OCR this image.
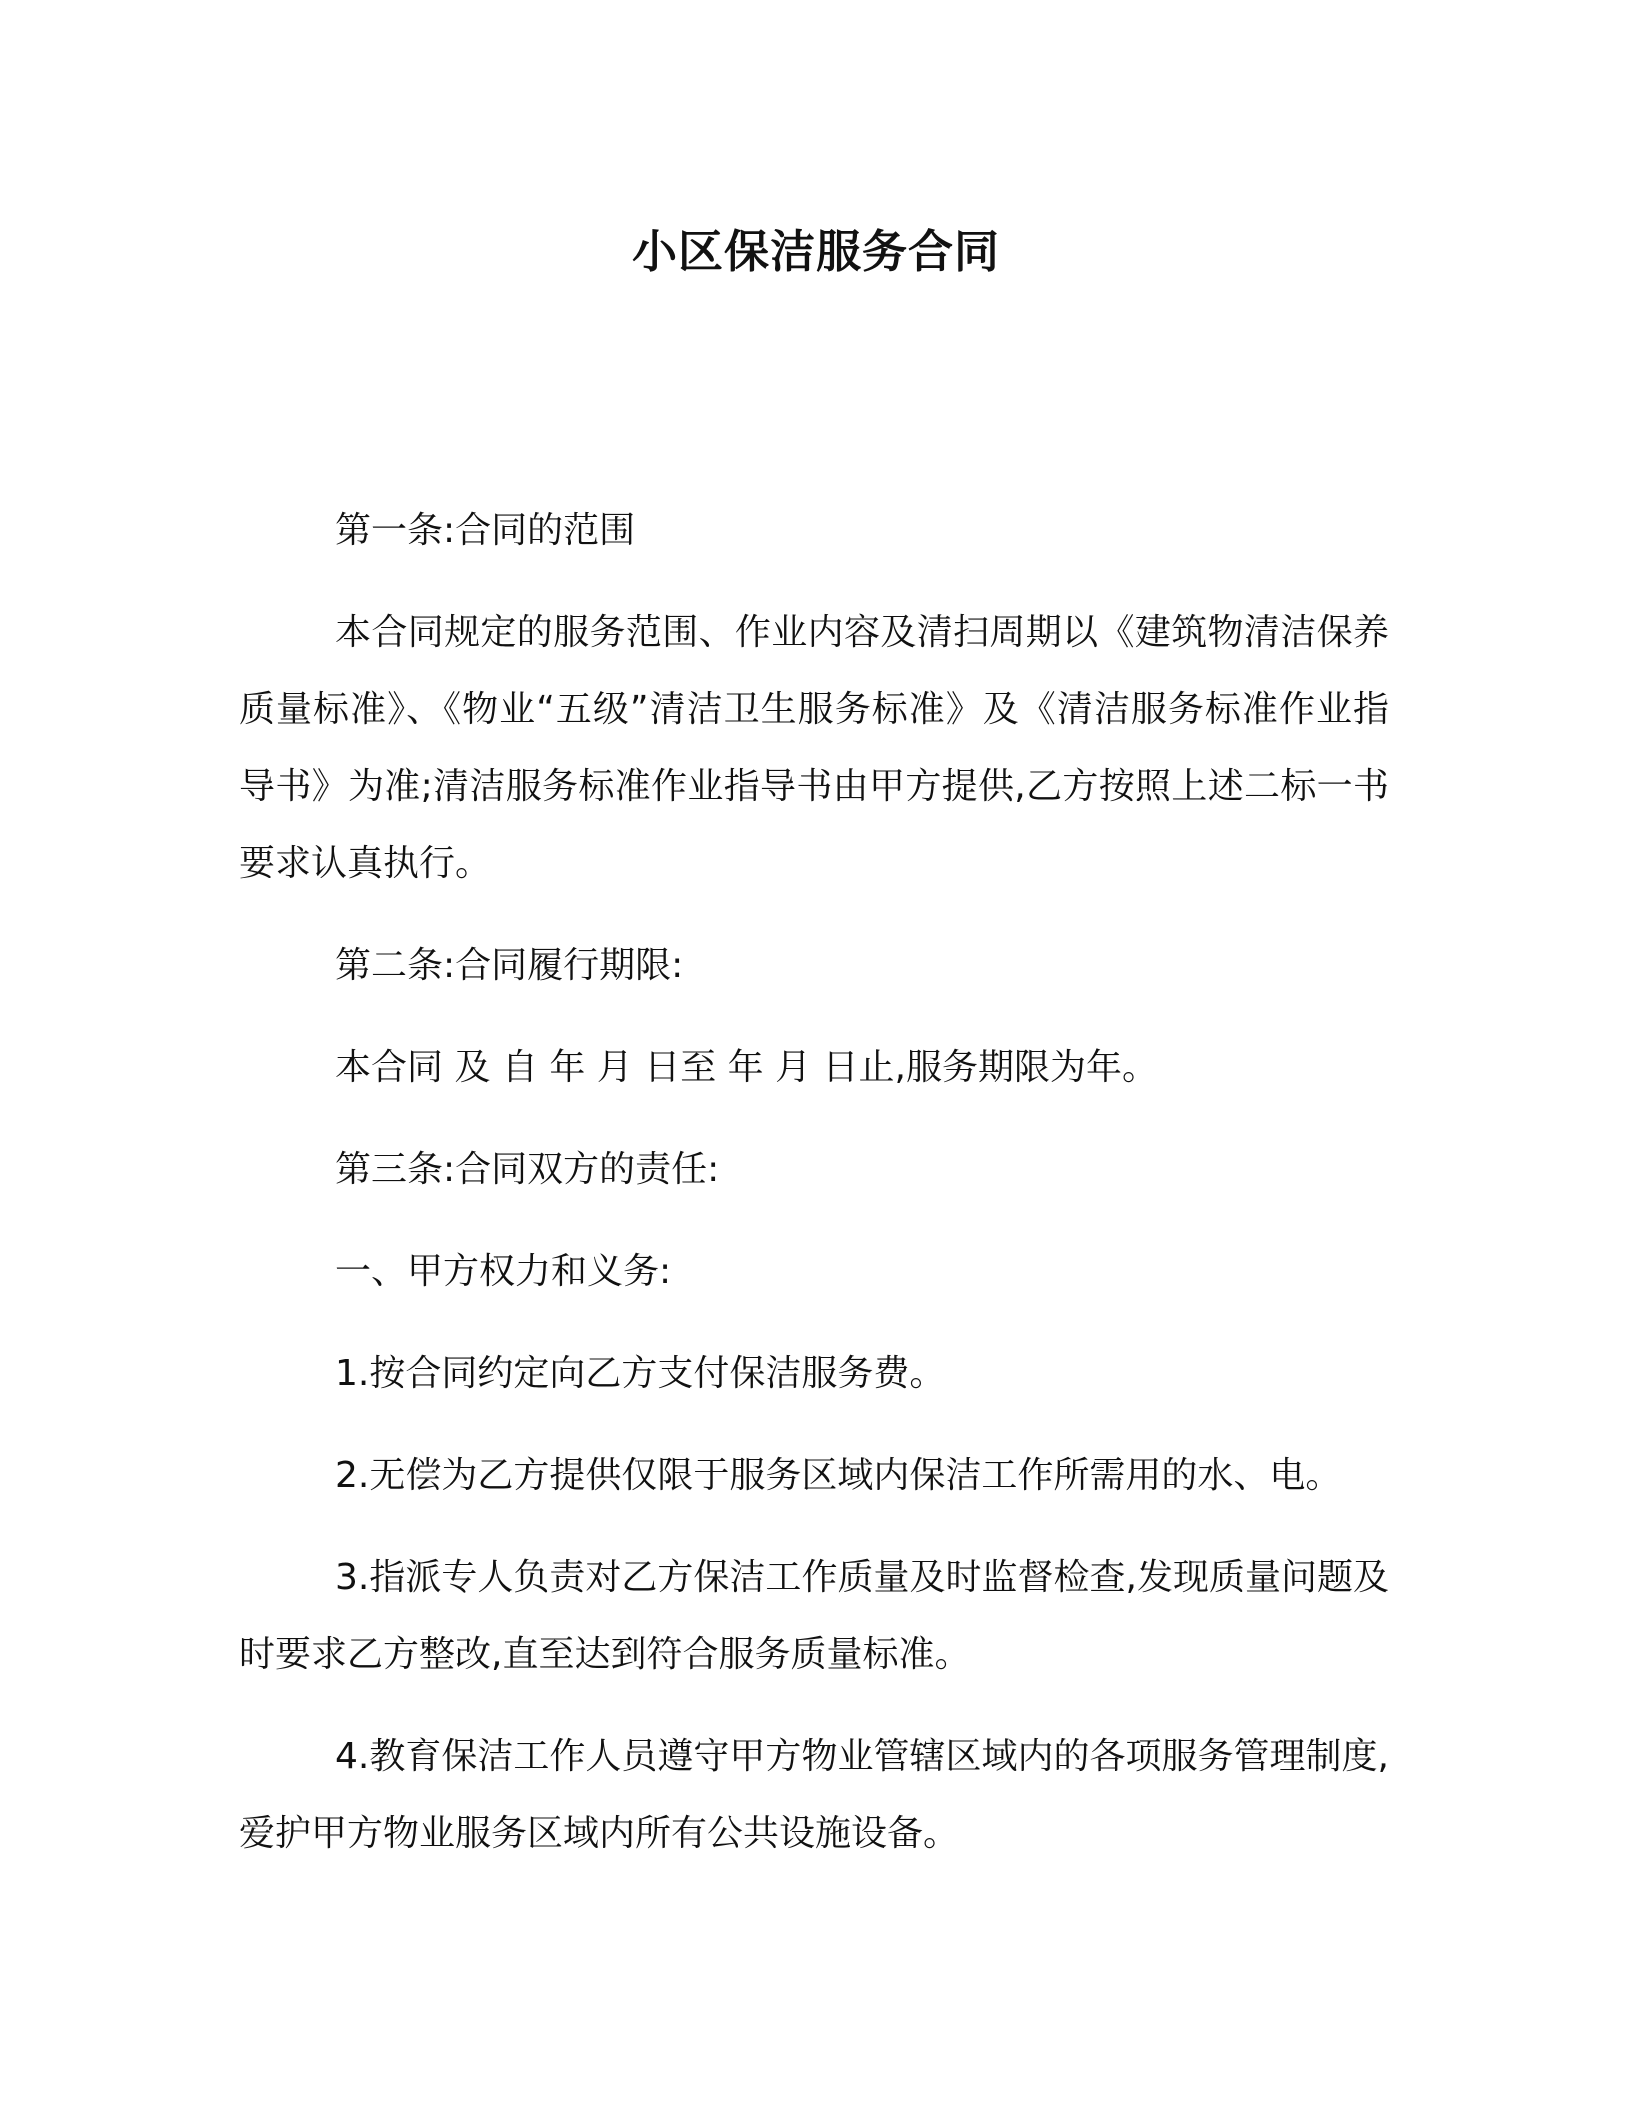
小区保洁服务合同

第一条:合同的范围

本合同规定的服务范围、作业内容及清扫周期以《建筑物清洁保养质量标准》、《物业“五级”清洁卫生服务标准》及《清洁服务标准作业指导书》为准;清洁服务标准作业指导书由甲方提供,乙方按照上述二标一书要求认真执行。

第二条:合同履行期限:

本合同 及 自 年 月 日至 年 月 日止,服务期限为年。

第三条:合同双方的责任:

一、甲方权力和义务:

1.按合同约定向乙方支付保洁服务费。

2.无偿为乙方提供仅限于服务区域内保洁工作所需用的水、电。

3.指派专人负责对乙方保洁工作质量及时监督检查,发现质量问题及时要求乙方整改,直至达到符合服务质量标准。

4.教育保洁工作人员遵守甲方物业管辖区域内的各项服务管理制度,爱护甲方物业服务区域内所有公共设施设备。
